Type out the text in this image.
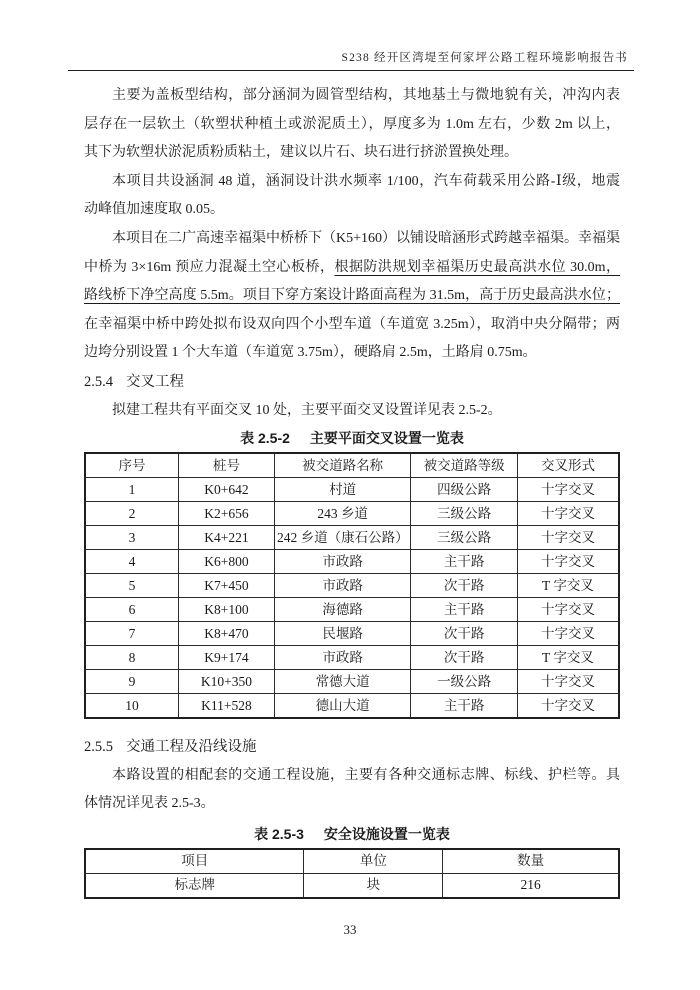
S238 经开区湾堤至何家坪公路工程环境影响报告书
主要为盖板型结构，部分涵洞为圆管型结构，其地基土与微地貌有关，冲沟内表
层存在一层软土（软塑状种植土或淤泥质土），厚度多为 1.0m 左右，少数 2m 以上，
其下为软塑状淤泥质粉质粘土，建议以片石、块石进行挤淤置换处理。
本项目共设涵洞 48 道，涵洞设计洪水频率 1/100，汽车荷载采用公路-Ⅰ级，地震
动峰值加速度取 0.05。
本项目在二广高速幸福渠中桥桥下（K5+160）以铺设暗涵形式跨越幸福渠。幸福渠
中桥为 3×16m 预应力混凝土空心板桥，根据防洪规划幸福渠历史最高洪水位 30.0m，
路线桥下净空高度 5.5m。项目下穿方案设计路面高程为 31.5m，高于历史最高洪水位；
在幸福渠中桥中跨处拟布设双向四个小型车道（车道宽 3.25m），取消中央分隔带；两
边垮分别设置 1 个大车道（车道宽 3.75m），硬路肩 2.5m，土路肩 0.75m。
2.5.4 交叉工程
拟建工程共有平面交叉 10 处，主要平面交叉设置详见表 2.5-2。
表 2.5-2 主要平面交叉设置一览表
序号	桩号	被交道路名称	被交道路等级	交叉形式
1	K0+642	村道	四级公路	十字交叉
2	K2+656	243 乡道	三级公路	十字交叉
3	K4+221	242 乡道（康石公路）	三级公路	十字交叉
4	K6+800	市政路	主干路	十字交叉
5	K7+450	市政路	次干路	T 字交叉
6	K8+100	海德路	主干路	十字交叉
7	K8+470	民堰路	次干路	十字交叉
8	K9+174	市政路	次干路	T 字交叉
9	K10+350	常德大道	一级公路	十字交叉
10	K11+528	德山大道	主干路	十字交叉
2.5.5 交通工程及沿线设施
本路设置的相配套的交通工程设施，主要有各种交通标志牌、标线、护栏等。具
体情况详见表 2.5-3。
表 2.5-3 安全设施设置一览表
项目	单位	数量
标志牌	块	216
33
